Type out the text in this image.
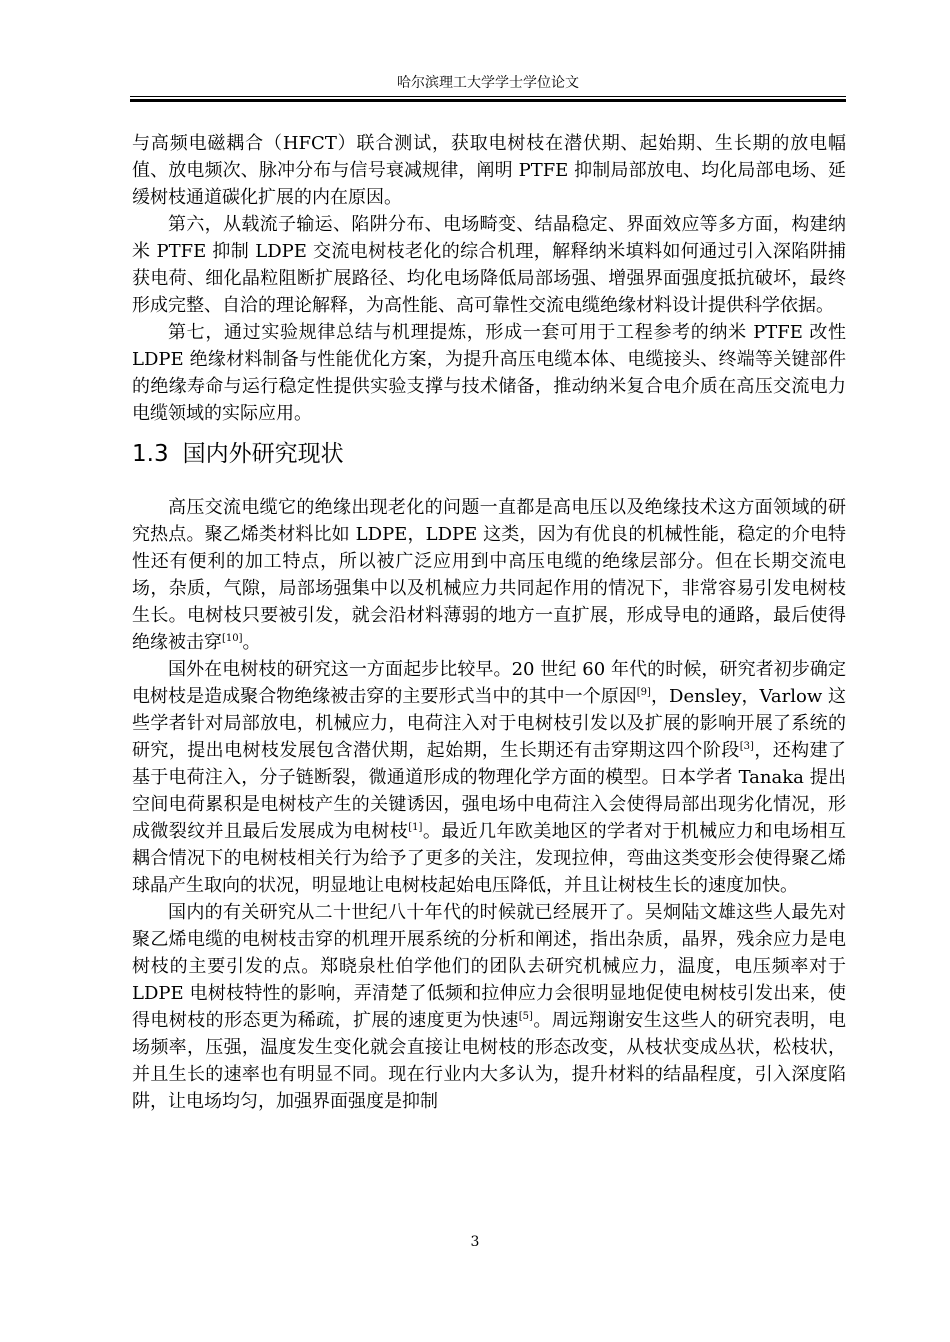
哈尔滨理工大学学士学位论文

与高频电磁耦合（HFCT）联合测试，获取电树枝在潜伏期、起始期、生长期的放电幅值、放电频次、脉冲分布与信号衰减规律，阐明 PTFE 抑制局部放电、均化局部电场、延缓树枝通道碳化扩展的内在原因。

第六，从载流子输运、陷阱分布、电场畸变、结晶稳定、界面效应等多方面，构建纳米 PTFE 抑制 LDPE 交流电树枝老化的综合机理，解释纳米填料如何通过引入深陷阱捕获电荷、细化晶粒阻断扩展路径、均化电场降低局部场强、增强界面强度抵抗破坏，最终形成完整、自洽的理论解释，为高性能、高可靠性交流电缆绝缘材料设计提供科学依据。

第七，通过实验规律总结与机理提炼，形成一套可用于工程参考的纳米 PTFE 改性 LDPE 绝缘材料制备与性能优化方案，为提升高压电缆本体、电缆接头、终端等关键部件的绝缘寿命与运行稳定性提供实验支撑与技术储备，推动纳米复合电介质在高压交流电力电缆领域的实际应用。

1.3 国内外研究现状

高压交流电缆它的绝缘出现老化的问题一直都是高电压以及绝缘技术这方面领域的研究热点。聚乙烯类材料比如 LDPE，LDPE 这类，因为有优良的机械性能，稳定的介电特性还有便利的加工特点，所以被广泛应用到中高压电缆的绝缘层部分。但在长期交流电场，杂质，气隙，局部场强集中以及机械应力共同起作用的情况下，非常容易引发电树枝生长。电树枝只要被引发，就会沿材料薄弱的地方一直扩展，形成导电的通路，最后使得绝缘被击穿[10]。

国外在电树枝的研究这一方面起步比较早。20 世纪 60 年代的时候，研究者初步确定电树枝是造成聚合物绝缘被击穿的主要形式当中的其中一个原因[9]，Densley，Varlow 这些学者针对局部放电，机械应力，电荷注入对于电树枝引发以及扩展的影响开展了系统的研究，提出电树枝发展包含潜伏期，起始期，生长期还有击穿期这四个阶段[3]，还构建了基于电荷注入，分子链断裂，微通道形成的物理化学方面的模型。日本学者 Tanaka 提出空间电荷累积是电树枝产生的关键诱因，强电场中电荷注入会使得局部出现劣化情况，形成微裂纹并且最后发展成为电树枝[1]。最近几年欧美地区的学者对于机械应力和电场相互耦合情况下的电树枝相关行为给予了更多的关注，发现拉伸，弯曲这类变形会使得聚乙烯球晶产生取向的状况，明显地让电树枝起始电压降低，并且让树枝生长的速度加快。

国内的有关研究从二十世纪八十年代的时候就已经展开了。吴炯陆文雄这些人最先对聚乙烯电缆的电树枝击穿的机理开展系统的分析和阐述，指出杂质，晶界，残余应力是电树枝的主要引发的点。郑晓泉杜伯学他们的团队去研究机械应力，温度，电压频率对于 LDPE 电树枝特性的影响，弄清楚了低频和拉伸应力会很明显地促使电树枝引发出来，使得电树枝的形态更为稀疏，扩展的速度更为快速[5]。周远翔谢安生这些人的研究表明，电场频率，压强，温度发生变化就会直接让电树枝的形态改变，从枝状变成丛状，松枝状，并且生长的速率也有明显不同。现在行业内大多认为，提升材料的结晶程度，引入深度陷阱，让电场均匀，加强界面强度是抑制

3
